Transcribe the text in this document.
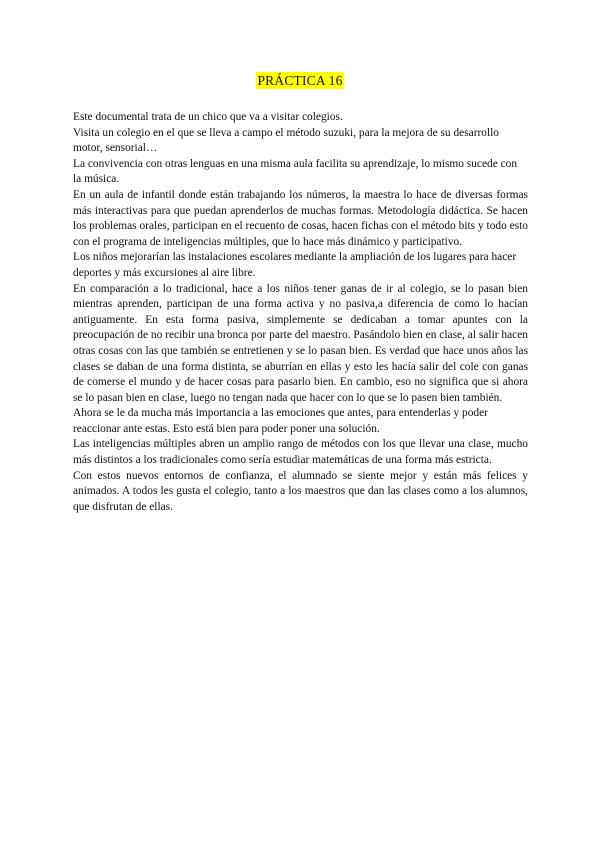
PRÁCTICA 16

Este documental trata de un chico que va a visitar colegios.

Visita un colegio en el que se lleva a campo el método suzuki, para la mejora de su desarrollo motor, sensorial…

La convivencia con otras lenguas en una misma aula facilita su aprendizaje, lo mismo sucede con la música.

En un aula de infantil donde están trabajando los números, la maestra lo hace de diversas formas más interactivas para que puedan aprenderlos de muchas formas. Metodología didáctica. Se hacen los problemas orales, participan en el recuento de cosas, hacen fichas con el método bits y todo esto con el programa de inteligencias múltiples, que lo hace más dinámico y participativo.

Los niños mejorarían las instalaciones escolares mediante la ampliación de los lugares para hacer deportes y más excursiones al aire libre.

En comparación a lo tradicional, hace a los niños tener ganas de ir al colegio, se lo pasan bien mientras aprenden, participan de una forma activa y no pasiva,a diferencia de como lo hacían antiguamente. En esta forma pasiva, simplemente se dedicaban a tomar apuntes con la preocupación de no recibir una bronca por parte del maestro. Pasándolo bien en clase, al salir hacen otras cosas con las que también se entretienen y se lo pasan bien. Es verdad que hace unos años las clases se daban de una forma distinta, se aburrían en ellas y esto les hacía salir del cole con ganas de comerse el mundo y de hacer cosas para pasarlo bien. En cambio, eso no significa que si ahora se lo pasan bien en clase, luego no tengan nada que hacer con lo que se lo pasen bien también.

Ahora se le da mucha más importancia a las emociones que antes, para entenderlas y poder reaccionar ante estas. Esto está bien para poder poner una solución.

Las inteligencias múltiples abren un amplio rango de métodos con los que llevar una clase, mucho más distintos a los tradicionales como sería estudiar matemáticas de una forma más estricta.

Con estos nuevos entornos de confianza, el alumnado se siente mejor y están más felices y animados. A todos les gusta el colegio, tanto a los maestros que dan las clases como a los alumnos, que disfrutan de ellas.
